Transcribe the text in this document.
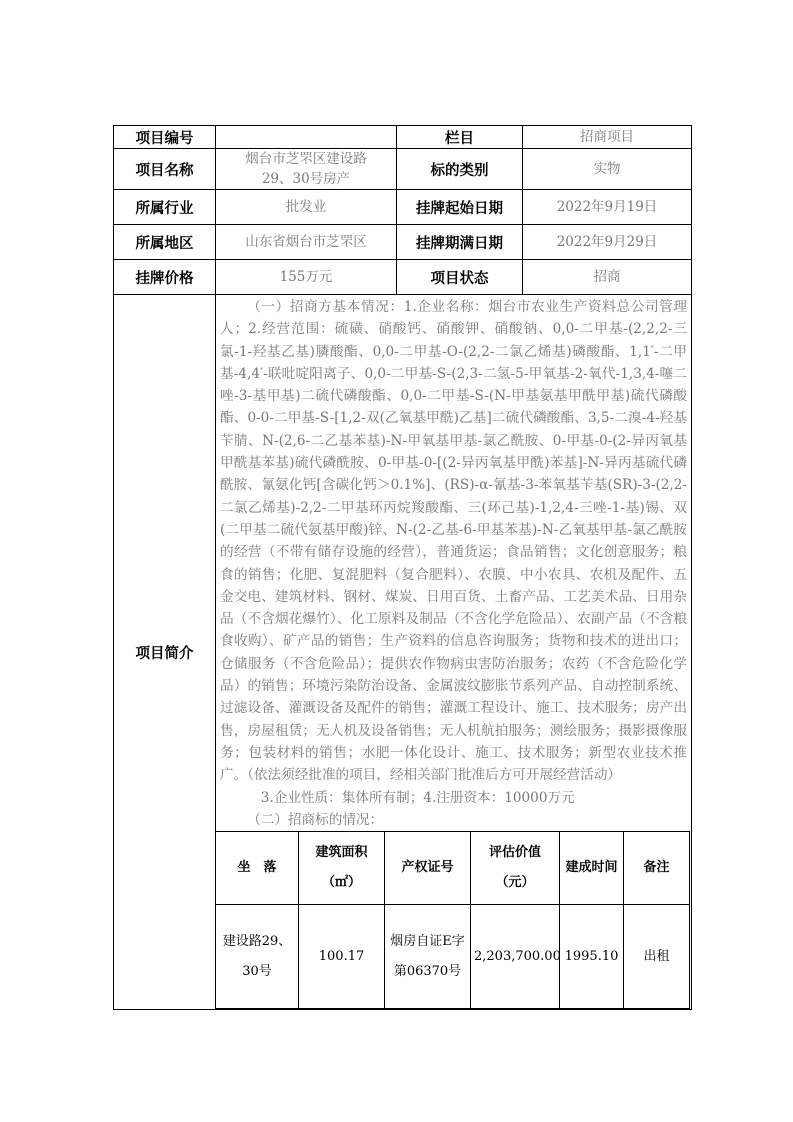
项目编号		栏目	招商项目
项目名称	烟台市芝罘区建设路29、30号房产	标的类别	实物
所属行业	批发业	挂牌起始日期	2022年9月19日
所属地区	山东省烟台市芝罘区	挂牌期满日期	2022年9月29日
挂牌价格	155万元	项目状态	招商
项目简介	

（一）招商方基本情况：1.企业名称：烟台市农业生产资料总公司管理人；2.经营范围：硫磺、硝酸钙、硝酸钾、硝酸钠、0,0-二甲基-(2,2,2-三氯-1-羟基乙基)膦酸酯、0,0-二甲基-O-(2,2-二氯乙烯基)磷酸酯、1,1′-二甲基-4,4′-联吡啶阳离子、0,0-二甲基-S-(2,3-二氢-5-甲氧基-2-氧代-1,3,4-噻二唑-3-基甲基)二硫代磷酸酯、0,0-二甲基-S-(N-甲基氨基甲酰甲基)硫代磷酸酯、0-0-二甲基-S-[1,2-双(乙氧基甲酰)乙基]二硫代磷酸酯、3,5-二溴-4-羟基苄腈、N-(2,6-二乙基苯基)-N-甲氧基甲基-氯乙酰胺、0-甲基-0-(2-异丙氧基甲酰基苯基)硫代磷酰胺、0-甲基-0-[(2-异丙氧基甲酰)苯基]-N-异丙基硫代磷酰胺、氰氨化钙[含碳化钙＞0.1%]、(RS)-α-氰基-3-苯氧基苄基(SR)-3-(2,2-二氯乙烯基)-2,2-二甲基环丙烷羧酸酯、三(环己基)-1,2,4-三唑-1-基)锡、双(二甲基二硫代氨基甲酸)锌、N-(2-乙基-6-甲基苯基)-N-乙氧基甲基-氯乙酰胺的经营（不带有储存设施的经营），普通货运；食品销售；文化创意服务；粮食的销售；化肥、复混肥料（复合肥料）、农膜、中小农具、农机及配件、五金交电、建筑材料、钢材、煤炭、日用百货、土畜产品、工艺美术品、日用杂品（不含烟花爆竹）、化工原料及制品（不含化学危险品）、农副产品（不含粮食收购）、矿产品的销售；生产资料的信息咨询服务；货物和技术的进出口；仓储服务（不含危险品）；提供农作物病虫害防治服务；农药（不含危险化学品）的销售；环境污染防治设备、金属波纹膨胀节系列产品、自动控制系统、过滤设备、灌溉设备及配件的销售；灌溉工程设计、施工、技术服务；房产出售，房屋租赁；无人机及设备销售；无人机航拍服务；测绘服务；摄影摄像服务；包装材料的销售；水肥一体化设计、施工、技术服务；新型农业技术推广。（依法须经批准的项目，经相关部门批准后方可开展经营活动）

3.企业性质：集体所有制；4.注册资本：10000万元

（二）招商标的情况：

坐　落	建筑面积（㎡）	产权证号	评估价值（元）	建成时间	备注
建设路29、30号	100.17	烟房自证E字第06370号	2,203,700.00	1995.10	出租
